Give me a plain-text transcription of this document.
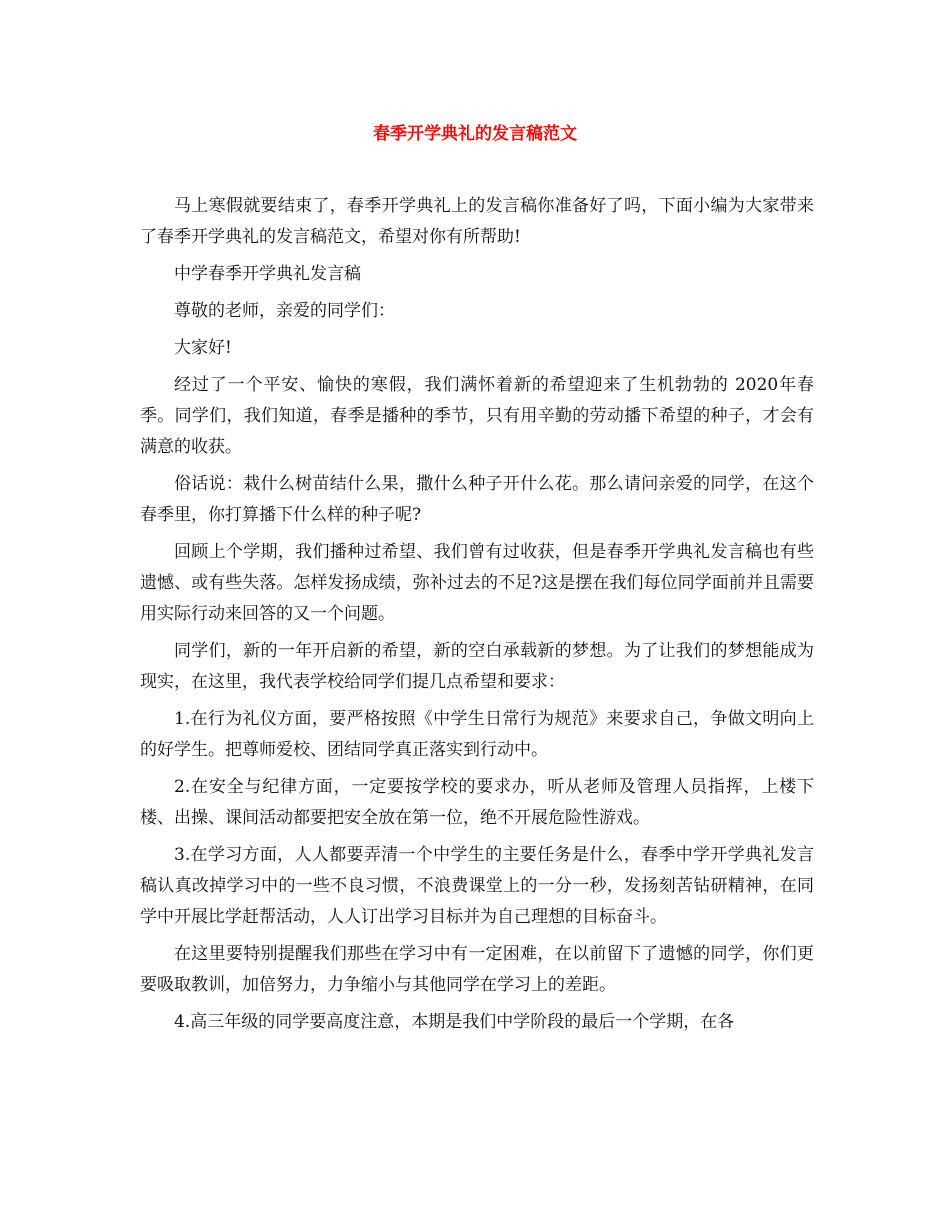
春季开学典礼的发言稿范文

马上寒假就要结束了，春季开学典礼上的发言稿你准备好了吗，下面小编为大家带来了春季开学典礼的发言稿范文，希望对你有所帮助!

中学春季开学典礼发言稿

尊敬的老师，亲爱的同学们：

大家好!

经过了一个平安、愉快的寒假，我们满怀着新的希望迎来了生机勃勃的 2020年春季。同学们，我们知道，春季是播种的季节，只有用辛勤的劳动播下希望的种子，才会有满意的收获。

俗话说：栽什么树苗结什么果，撒什么种子开什么花。那么请问亲爱的同学，在这个春季里，你打算播下什么样的种子呢?

回顾上个学期，我们播种过希望、我们曾有过收获，但是春季开学典礼发言稿也有些遗憾、或有些失落。怎样发扬成绩，弥补过去的不足?这是摆在我们每位同学面前并且需要用实际行动来回答的又一个问题。

同学们，新的一年开启新的希望，新的空白承载新的梦想。为了让我们的梦想能成为现实，在这里，我代表学校给同学们提几点希望和要求：

1.在行为礼仪方面，要严格按照《中学生日常行为规范》来要求自己，争做文明向上的好学生。把尊师爱校、团结同学真正落实到行动中。

2.在安全与纪律方面，一定要按学校的要求办，听从老师及管理人员指挥，上楼下楼、出操、课间活动都要把安全放在第一位，绝不开展危险性游戏。

3.在学习方面，人人都要弄清一个中学生的主要任务是什么，春季中学开学典礼发言稿认真改掉学习中的一些不良习惯，不浪费课堂上的一分一秒，发扬刻苦钻研精神，在同学中开展比学赶帮活动，人人订出学习目标并为自己理想的目标奋斗。

在这里要特别提醒我们那些在学习中有一定困难，在以前留下了遗憾的同学，你们更要吸取教训，加倍努力，力争缩小与其他同学在学习上的差距。

4.高三年级的同学要高度注意，本期是我们中学阶段的最后一个学期，在各
